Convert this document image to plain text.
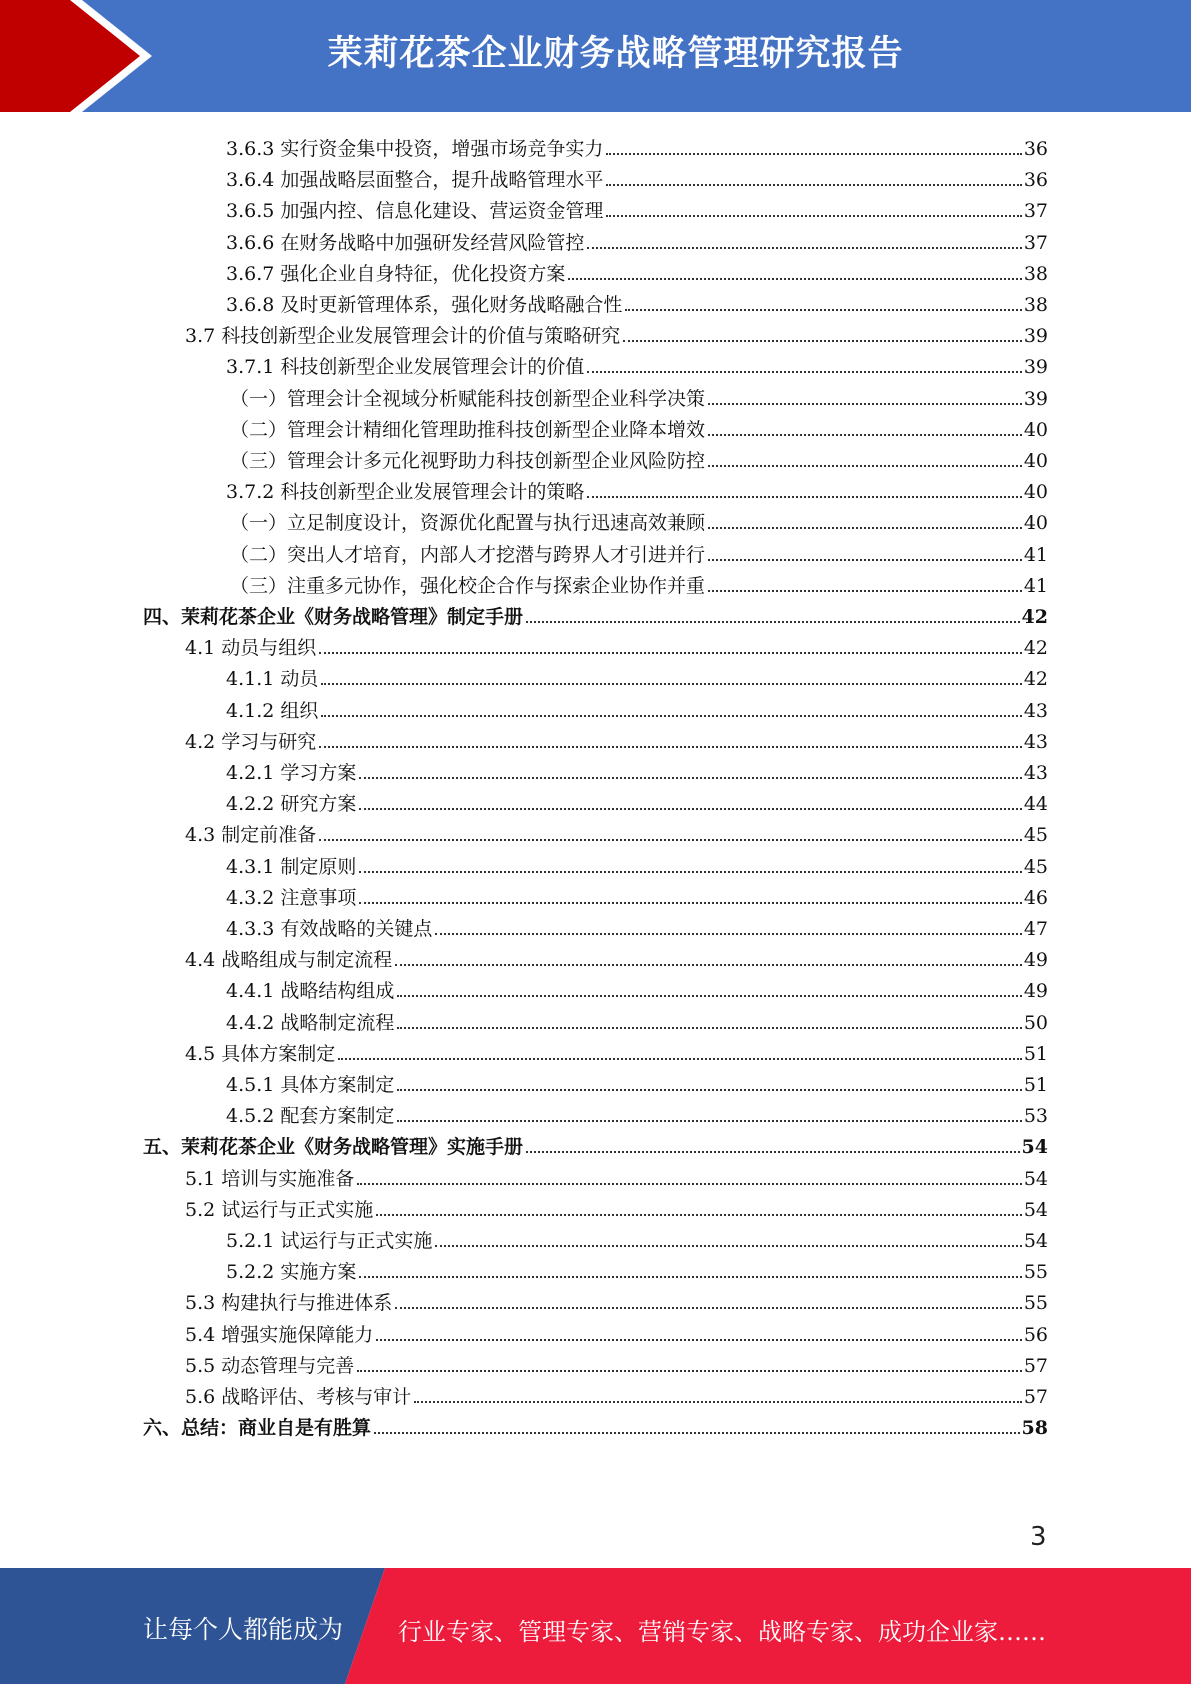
茉莉花茶企业财务战略管理研究报告
3.6.3 实行资金集中投资，增强市场竞争实力	36
3.6.4 加强战略层面整合，提升战略管理水平	36
3.6.5 加强内控、信息化建设、营运资金管理	37
3.6.6 在财务战略中加强研发经营风险管控	37
3.6.7 强化企业自身特征，优化投资方案	38
3.6.8 及时更新管理体系，强化财务战略融合性	38
3.7 科技创新型企业发展管理会计的价值与策略研究	39
3.7.1 科技创新型企业发展管理会计的价值	39
（一）管理会计全视域分析赋能科技创新型企业科学决策	39
（二）管理会计精细化管理助推科技创新型企业降本增效	40
（三）管理会计多元化视野助力科技创新型企业风险防控	40
3.7.2 科技创新型企业发展管理会计的策略	40
（一）立足制度设计，资源优化配置与执行迅速高效兼顾	40
（二）突出人才培育，内部人才挖潜与跨界人才引进并行	41
（三）注重多元协作，强化校企合作与探索企业协作并重	41
四、茉莉花茶企业《财务战略管理》制定手册	42
4.1 动员与组织	42
4.1.1 动员	42
4.1.2 组织	43
4.2 学习与研究	43
4.2.1 学习方案	43
4.2.2 研究方案	44
4.3 制定前准备	45
4.3.1 制定原则	45
4.3.2 注意事项	46
4.3.3 有效战略的关键点	47
4.4 战略组成与制定流程	49
4.4.1 战略结构组成	49
4.4.2 战略制定流程	50
4.5 具体方案制定	51
4.5.1 具体方案制定	51
4.5.2 配套方案制定	53
五、茉莉花茶企业《财务战略管理》实施手册	54
5.1 培训与实施准备	54
5.2 试运行与正式实施	54
5.2.1 试运行与正式实施	54
5.2.2 实施方案	55
5.3 构建执行与推进体系	55
5.4 增强实施保障能力	56
5.5 动态管理与完善	57
5.6 战略评估、考核与审计	57
六、总结：商业自是有胜算	58
3
让每个人都能成为 行业专家、管理专家、营销专家、战略专家、成功企业家……
